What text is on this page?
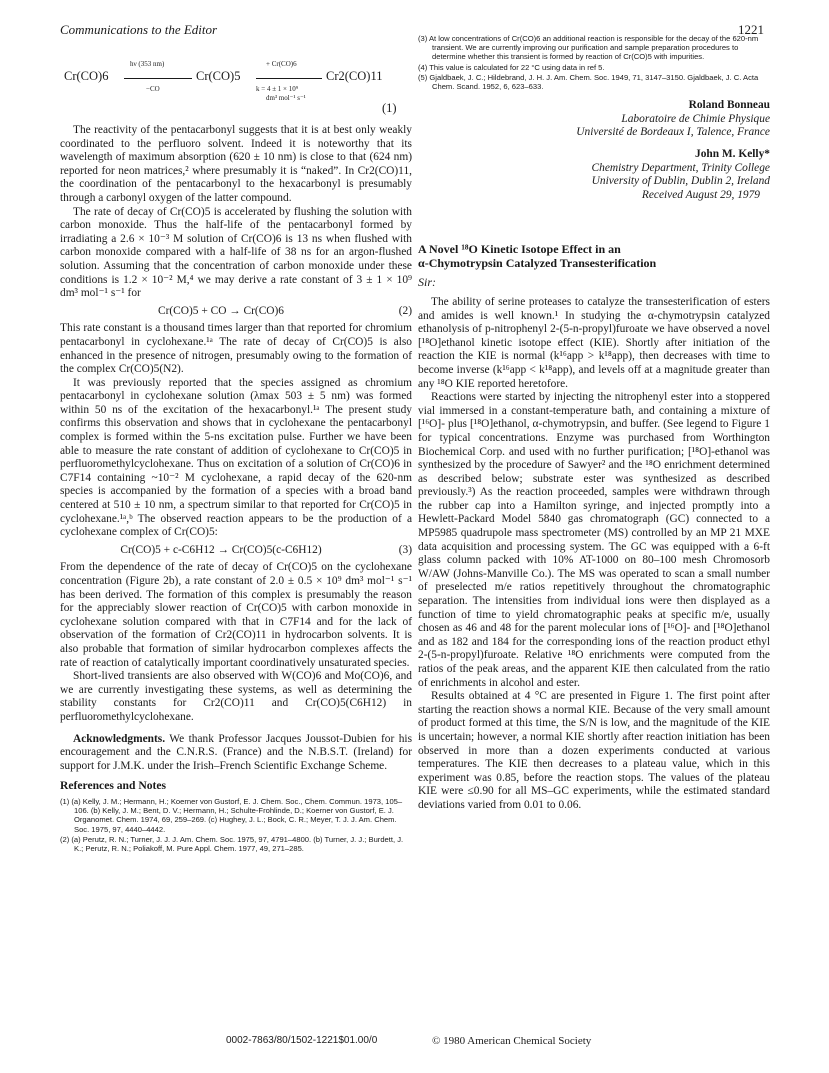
Communications to the Editor	1221
Cr(CO)6
hν (353 nm)
−CO
Cr(CO)5
+ Cr(CO)6
k = 4 ± 1 × 10⁹
dm³ mol⁻¹ s⁻¹
Cr2(CO)11
(1)

The reactivity of the pentacarbonyl suggests that it is at best only weakly coordinated to the perfluoro solvent. Indeed it is noteworthy that its wavelength of maximum absorption (620 ± 10 nm) is close to that (624 nm) reported for neon matrices,² where presumably it is “naked”. In Cr2(CO)11, the coordination of the pentacarbonyl to the hexacarbonyl is presumably through a carbonyl oxygen of the latter compound.

The rate of decay of Cr(CO)5 is accelerated by flushing the solution with carbon monoxide. Thus the half-life of the pentacarbonyl formed by irradiating a 2.6 × 10⁻³ M solution of Cr(CO)6 is 13 ns when flushed with carbon monoxide compared with a half-life of 38 ns for an argon-flushed solution. Assuming that the concentration of carbon monoxide under these conditions is 1.2 × 10⁻² M,⁴ we may derive a rate constant of 3 ± 1 × 10⁹ dm³ mol⁻¹ s⁻¹ for

Cr(CO)5 + CO → Cr(CO)6	(2)

This rate constant is a thousand times larger than that reported for chromium pentacarbonyl in cyclohexane.¹ᵃ The rate of decay of Cr(CO)5 is also enhanced in the presence of nitrogen, presumably owing to the formation of the complex Cr(CO)5(N2).

It was previously reported that the species assigned as chromium pentacarbonyl in cyclohexane solution (λmax 503 ± 5 nm) was formed within 50 ns of the excitation of the hexacarbonyl.¹ᵃ The present study confirms this observation and shows that in cyclohexane the pentacarbonyl complex is formed within the 5-ns excitation pulse. Further we have been able to measure the rate constant of addition of cyclohexane to Cr(CO)5 in perfluoromethylcyclohexane. Thus on excitation of a solution of Cr(CO)6 in C7F14 containing ~10⁻² M cyclohexane, a rapid decay of the 620-nm species is accompanied by the formation of a species with a broad band centered at 510 ± 10 nm, a spectrum similar to that reported for Cr(CO)5 in cyclohexane.¹ᵃ,ᵇ The observed reaction appears to be the production of a cyclohexane complex of Cr(CO)5:

Cr(CO)5 + c-C6H12 → Cr(CO)5(c-C6H12)	(3)

From the dependence of the rate of decay of Cr(CO)5 on the cyclohexane concentration (Figure 2b), a rate constant of 2.0 ± 0.5 × 10⁹ dm³ mol⁻¹ s⁻¹ has been derived. The formation of this complex is presumably the reason for the appreciably slower reaction of Cr(CO)5 with carbon monoxide in cyclohexane solution compared with that in C7F14 and for the lack of observation of the formation of Cr2(CO)11 in hydrocarbon solvents. It is also probable that formation of similar hydrocarbon complexes affects the rate of reaction of catalytically important coordinatively unsaturated species.

Short-lived transients are also observed with W(CO)6 and Mo(CO)6, and we are currently investigating these systems, as well as determining the stability constants for Cr2(CO)11 and Cr(CO)5(C6H12) in perfluoromethylcyclohexane.

Acknowledgments. We thank Professor Jacques Joussot-Dubien for his encouragement and the C.N.R.S. (France) and the N.B.S.T. (Ireland) for support for J.M.K. under the Irish–French Scientific Exchange Scheme.

References and Notes
(1) (a) Kelly, J. M.; Hermann, H.; Koerner von Gustorf, E. J. Chem. Soc., Chem. Commun. 1973, 105–106. (b) Kelly, J. M.; Bent, D. V.; Hermann, H.; Schulte-Frohlinde, D.; Koerner von Gustorf, E. J. Organomet. Chem. 1974, 69, 259–269. (c) Hughey, J. L.; Bock, C. R.; Meyer, T. J. J. Am. Chem. Soc. 1975, 97, 4440–4442.
(2) (a) Perutz, R. N.; Turner, J. J. J. Am. Chem. Soc. 1975, 97, 4791–4800. (b) Turner, J. J.; Burdett, J. K.; Perutz, R. N.; Poliakoff, M. Pure Appl. Chem. 1977, 49, 271–285.
(3) At low concentrations of Cr(CO)6 an additional reaction is responsible for the decay of the 620-nm transient. We are currently improving our purification and sample preparation procedures to determine whether this transient is formed by reaction of Cr(CO)5 with impurities.
(4) This value is calculated for 22 °C using data in ref 5.
(5) Gjaldbaek, J. C.; Hildebrand, J. H. J. Am. Chem. Soc. 1949, 71, 3147–3150. Gjaldbaek, J. C. Acta Chem. Scand. 1952, 6, 623–633.
Roland Bonneau
Laboratoire de Chimie Physique
Université de Bordeaux I, Talence, France
John M. Kelly*
Chemistry Department, Trinity College
University of Dublin, Dublin 2, Ireland
Received August 29, 1979
A Novel ¹⁸O Kinetic Isotope Effect in an
α-Chymotrypsin Catalyzed Transesterification
Sir:

The ability of serine proteases to catalyze the transesterification of esters and amides is well known.¹ In studying the α-chymotrypsin catalyzed ethanolysis of p-nitrophenyl 2-(5-n-propyl)furoate we have observed a novel [¹⁸O]ethanol kinetic isotope effect (KIE). Shortly after initiation of the reaction the KIE is normal (k¹⁶app > k¹⁸app), then decreases with time to become inverse (k¹⁶app < k¹⁸app), and levels off at a magnitude greater than any ¹⁸O KIE reported heretofore.

Reactions were started by injecting the nitrophenyl ester into a stoppered vial immersed in a constant-temperature bath, and containing a mixture of [¹⁶O]- plus [¹⁸O]ethanol, α-chymotrypsin, and buffer. (See legend to Figure 1 for typical concentrations. Enzyme was purchased from Worthington Biochemical Corp. and used with no further purification; [¹⁸O]-ethanol was synthesized by the procedure of Sawyer² and the ¹⁸O enrichment determined as described below; substrate ester was synthesized as described previously.³) As the reaction proceeded, samples were withdrawn through the rubber cap into a Hamilton syringe, and injected promptly into a Hewlett-Packard Model 5840 gas chromatograph (GC) connected to a MP5985 quadrupole mass spectrometer (MS) controlled by an MP 21 MXE data acquisition and processing system. The GC was equipped with a 6-ft glass column packed with 10% AT-1000 on 80–100 mesh Chromosorb W/AW (Johns-Manville Co.). The MS was operated to scan a small number of preselected m/e ratios repetitively throughout the chromatographic separation. The intensities from individual ions were then displayed as a function of time to yield chromatographic peaks at specific m/e, usually chosen as 46 and 48 for the parent molecular ions of [¹⁶O]- and [¹⁸O]ethanol and as 182 and 184 for the corresponding ions of the reaction product ethyl 2-(5-n-propyl)furoate. Relative ¹⁸O enrichments were computed from the ratios of the peak areas, and the apparent KIE then calculated from the ratio of enrichments in alcohol and ester.

Results obtained at 4 °C are presented in Figure 1. The first point after starting the reaction shows a normal KIE. Because of the very small amount of product formed at this time, the S/N is low, and the magnitude of the KIE is uncertain; however, a normal KIE shortly after reaction initiation has been observed in more than a dozen experiments conducted at various temperatures. The KIE then decreases to a plateau value, which in this experiment was 0.85, before the reaction stops. The values of the plateau KIE were ≤0.90 for all MS–GC experiments, while the estimated standard deviations varied from 0.01 to 0.06.

0002-7863/80/1502-1221$01.00/0	© 1980 American Chemical Society
